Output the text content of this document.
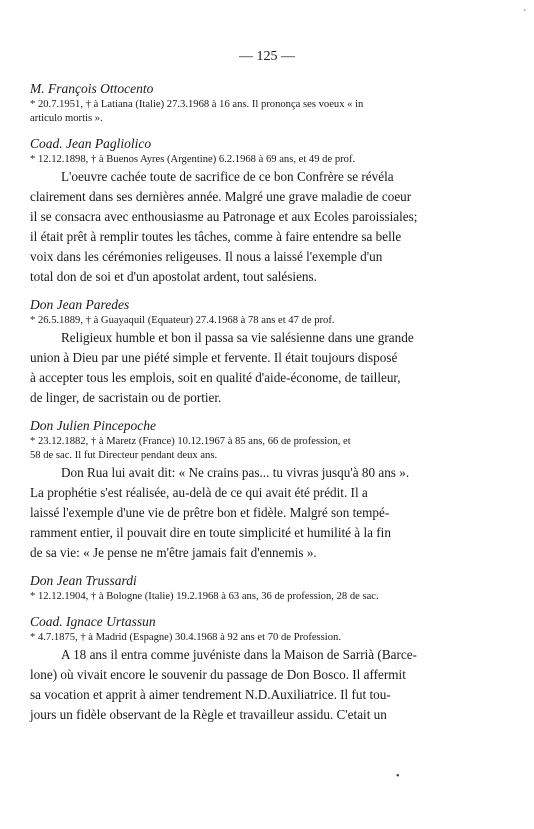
— 125 —
M. François Ottocento
* 20.7.1951, † à Latiana (Italie) 27.3.1968 à 16 ans. Il prononça ses voeux « in
articulo mortis ».
Coad. Jean Pagliolico
* 12.12.1898, † à Buenos Ayres (Argentine) 6.2.1968 à 69 ans, et 49 de prof.
L'oeuvre cachée toute de sacrifice de ce bon Confrère se révéla
clairement dans ses dernières année. Malgré une grave maladie de coeur
il se consacra avec enthousiasme au Patronage et aux Ecoles paroissiales;
il était prêt à remplir toutes les tâches, comme à faire entendre sa belle
voix dans les cérémonies religeuses. Il nous a laissé l'exemple d'un
total don de soi et d'un apostolat ardent, tout salésiens.
Don Jean Paredes
* 26.5.1889, † à Guayaquil (Equateur) 27.4.1968 à 78 ans et 47 de prof.
Religieux humble et bon il passa sa vie salésienne dans une grande
union à Dieu par une piété simple et fervente. Il était toujours disposé
à accepter tous les emplois, soit en qualité d'aide-économe, de tailleur,
de linger, de sacristain ou de portier.
Don Julien Pincepoche
* 23.12.1882, † à Maretz (France) 10.12.1967 à 85 ans, 66 de profession, et
58 de sac. Il fut Directeur pendant deux ans.
Don Rua lui avait dit: « Ne crains pas... tu vivras jusqu'à 80 ans ».
La prophétie s'est réalisée, au-delà de ce qui avait été prédit. Il a
laissé l'exemple d'une vie de prêtre bon et fidèle. Malgré son tempé-
ramment entier, il pouvait dire en toute simplicité et humilité à la fin
de sa vie: « Je pense ne m'être jamais fait d'ennemis ».
Don Jean Trussardi
* 12.12.1904, † à Bologne (Italie) 19.2.1968 à 63 ans, 36 de profession, 28 de sac.
Coad. Ignace Urtassun
* 4.7.1875, † à Madrid (Espagne) 30.4.1968 à 92 ans et 70 de Profession.
A 18 ans il entra comme juvéniste dans la Maison de Sarrià (Barce-
lone) où vivait encore le souvenir du passage de Don Bosco. Il affermit
sa vocation et apprit à aimer tendrement N.D.Auxiliatrice. Il fut tou-
jours un fidèle observant de la Règle et travailleur assidu. C'etait un
`
•
